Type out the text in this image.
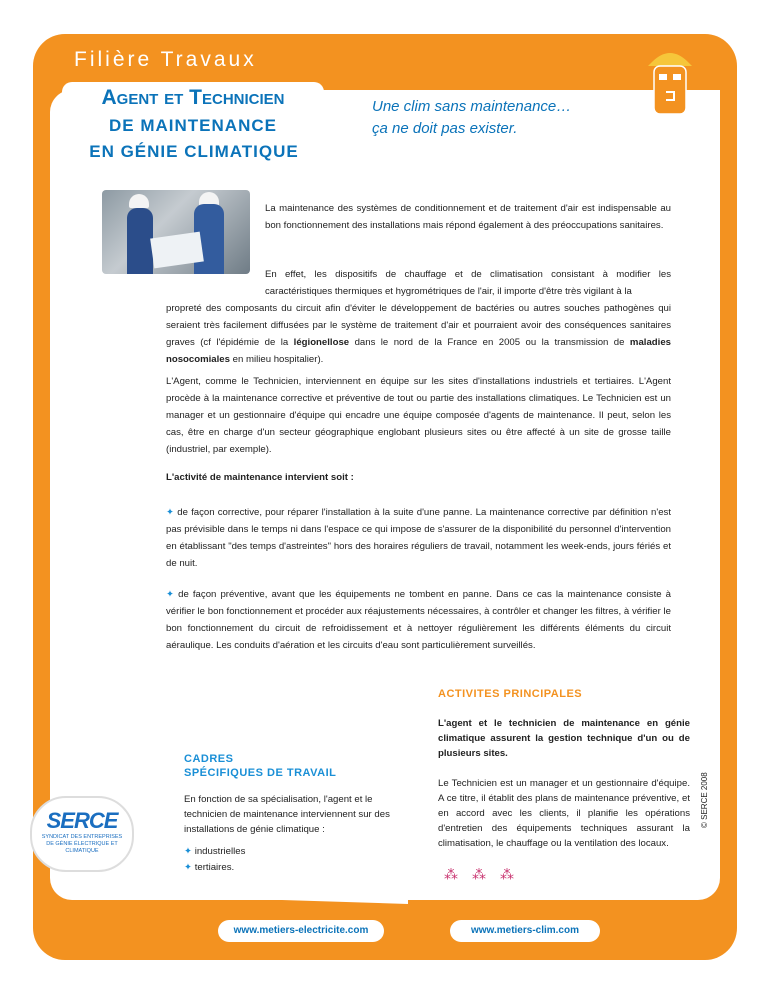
Filière Travaux
Agent et Technicien
DE MAINTENANCE
EN GÉNIE CLIMATIQUE
Une clim sans maintenance…
ça ne doit pas exister.
Accessible
en 1er emploi
avec un
Bac Pro
La maintenance des systèmes de conditionnement et de traitement d'air est indispensable au bon fonctionnement des installations mais répond également à des préoccupations sanitaires.
En effet, les dispositifs de chauffage et de climatisation consistant à modifier les caractéristiques thermiques et hygrométriques de l'air, il importe d'être très vigilant à la
propreté des composants du circuit afin d'éviter le développement de bactéries ou autres souches pathogènes qui seraient très facilement diffusées par le système de traitement d'air et pourraient avoir des conséquences sanitaires graves (cf l'épidémie de la légionellose dans le nord de la France en 2005 ou la transmission de maladies nosocomiales en milieu hospitalier).
L'Agent, comme le Technicien, interviennent en équipe sur les sites d'installations industriels et tertiaires. L'Agent procède à la maintenance corrective et préventive de tout ou partie des installations climatiques. Le Technicien est un manager et un gestionnaire d'équipe qui encadre une équipe composée d'agents de maintenance. Il peut, selon les cas, être en charge d'un secteur géographique englobant plusieurs sites ou être affecté à un site de grosse taille (industriel, par exemple).
L'activité de maintenance intervient soit :
✦ de façon corrective, pour réparer l'installation à la suite d'une panne. La maintenance corrective par définition n'est pas prévisible dans le temps ni dans l'espace ce qui impose de s'assurer de la disponibilité du personnel d'intervention en établissant "des temps d'astreintes" hors des horaires réguliers de travail, notamment les week-ends, jours fériés et de nuit.
✦ de façon préventive, avant que les équipements ne tombent en panne. Dans ce cas la maintenance consiste à vérifier le bon fonctionnement et procéder aux réajustements nécessaires, à contrôler et changer les filtres, à vérifier le bon fonctionnement du circuit de refroidissement et à nettoyer régulièrement les différents éléments du circuit aéraulique. Les conduits d'aération et les circuits d'eau sont particulièrement surveillés.
ACTIVITES PRINCIPALES
L'agent et le technicien de maintenance en génie climatique assurent la gestion technique d'un ou de plusieurs sites.
Le Technicien est un manager et un gestionnaire d'équipe. A ce titre, il établit des plans de maintenance préventive, et en accord avec les clients, il planifie les opérations d'entretien des équipements techniques assurant la climatisation, le chauffage ou la ventilation des locaux.
⁂⁂⁂
CADRES
SPÉCIFIQUES DE TRAVAIL
En fonction de sa spécialisation, l'agent et le technicien de maintenance interviennent sur des installations de génie climatique :
✦ industrielles
✦ tertiaires.
SERCE
SYNDICAT DES ENTREPRISES
DE GÉNIE ÉLECTRIQUE ET CLIMATIQUE
© SERCE 2008
www.metiers-electricite.com	www.metiers-clim.com
